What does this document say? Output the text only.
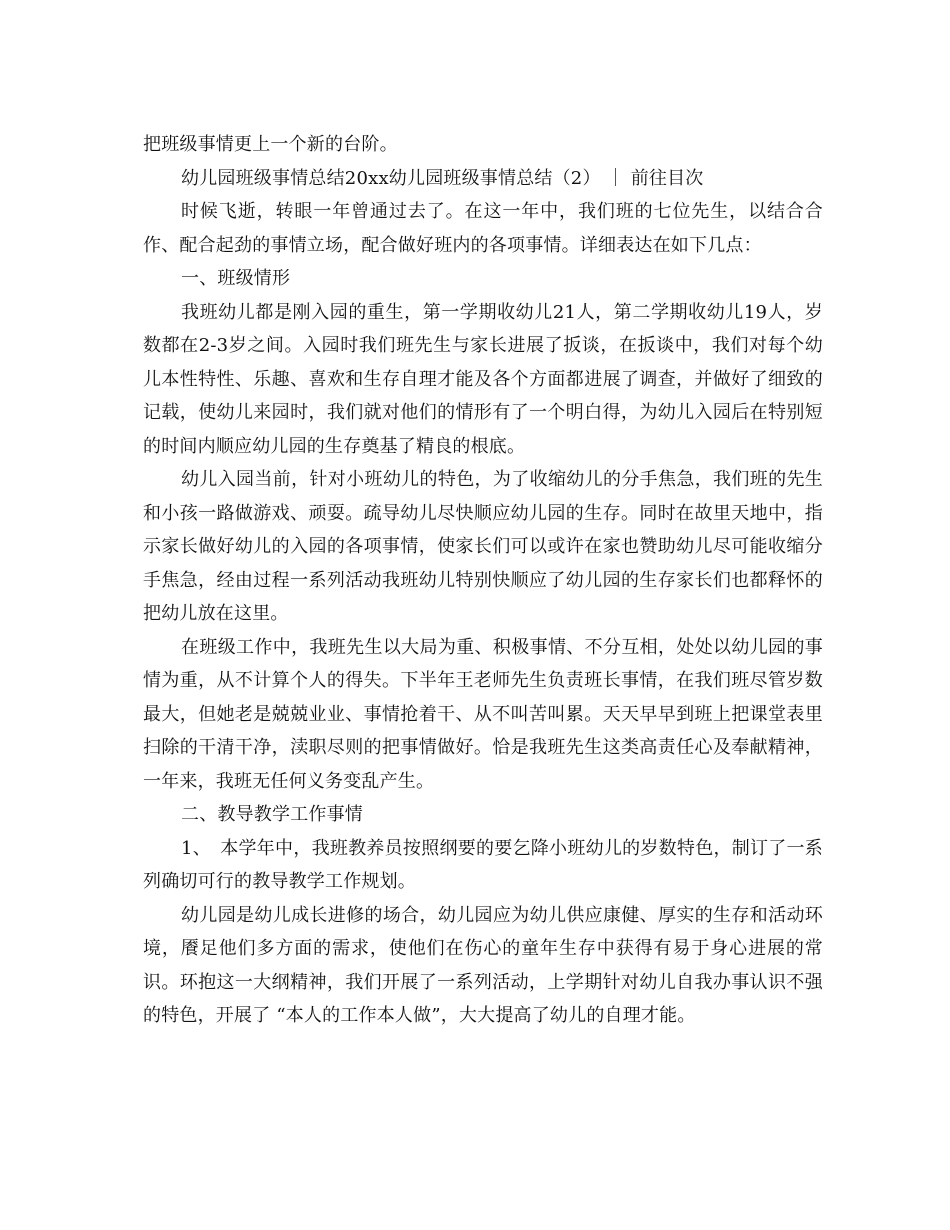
把班级事情更上一个新的台阶。

幼儿园班级事情总结20xx幼儿园班级事情总结（2） ｜ 前往目次

时候飞逝，转眼一年曾通过去了。在这一年中，我们班的七位先生，以结合合作、配合起劲的事情立场，配合做好班内的各项事情。详细表达在如下几点：

一、班级情形

我班幼儿都是刚入园的重生，第一学期收幼儿21人，第二学期收幼儿19人，岁数都在2-3岁之间。入园时我们班先生与家长进展了扳谈，在扳谈中，我们对每个幼儿本性特性、乐趣、喜欢和生存自理才能及各个方面都进展了调查，并做好了细致的记载，使幼儿来园时，我们就对他们的情形有了一个明白得，为幼儿入园后在特别短的时间内顺应幼儿园的生存奠基了精良的根底。

幼儿入园当前，针对小班幼儿的特色，为了收缩幼儿的分手焦急，我们班的先生和小孩一路做游戏、顽耍。疏导幼儿尽快顺应幼儿园的生存。同时在故里天地中，指示家长做好幼儿的入园的各项事情，使家长们可以或许在家也赞助幼儿尽可能收缩分手焦急，经由过程一系列活动我班幼儿特别快顺应了幼儿园的生存家长们也都释怀的把幼儿放在这里。

在班级工作中，我班先生以大局为重、积极事情、不分互相，处处以幼儿园的事情为重，从不计算个人的得失。下半年王老师先生负责班长事情，在我们班尽管岁数最大，但她老是兢兢业业、事情抢着干、从不叫苦叫累。天天早早到班上把课堂表里扫除的干清干净，渎职尽则的把事情做好。恰是我班先生这类高责任心及奉献精神，一年来，我班无任何义务变乱产生。

二、教导教学工作事情

1、　本学年中，我班教养员按照纲要的要乞降小班幼儿的岁数特色，制订了一系列确切可行的教导教学工作规划。

幼儿园是幼儿成长进修的场合，幼儿园应为幼儿供应康健、厚实的生存和活动环境，餍足他们多方面的需求，使他们在伤心的童年生存中获得有易于身心进展的常识。环抱这一大纲精神，我们开展了一系列活动，上学期针对幼儿自我办事认识不强的特色，开展了 “本人的工作本人做”，大大提高了幼儿的自理才能。
